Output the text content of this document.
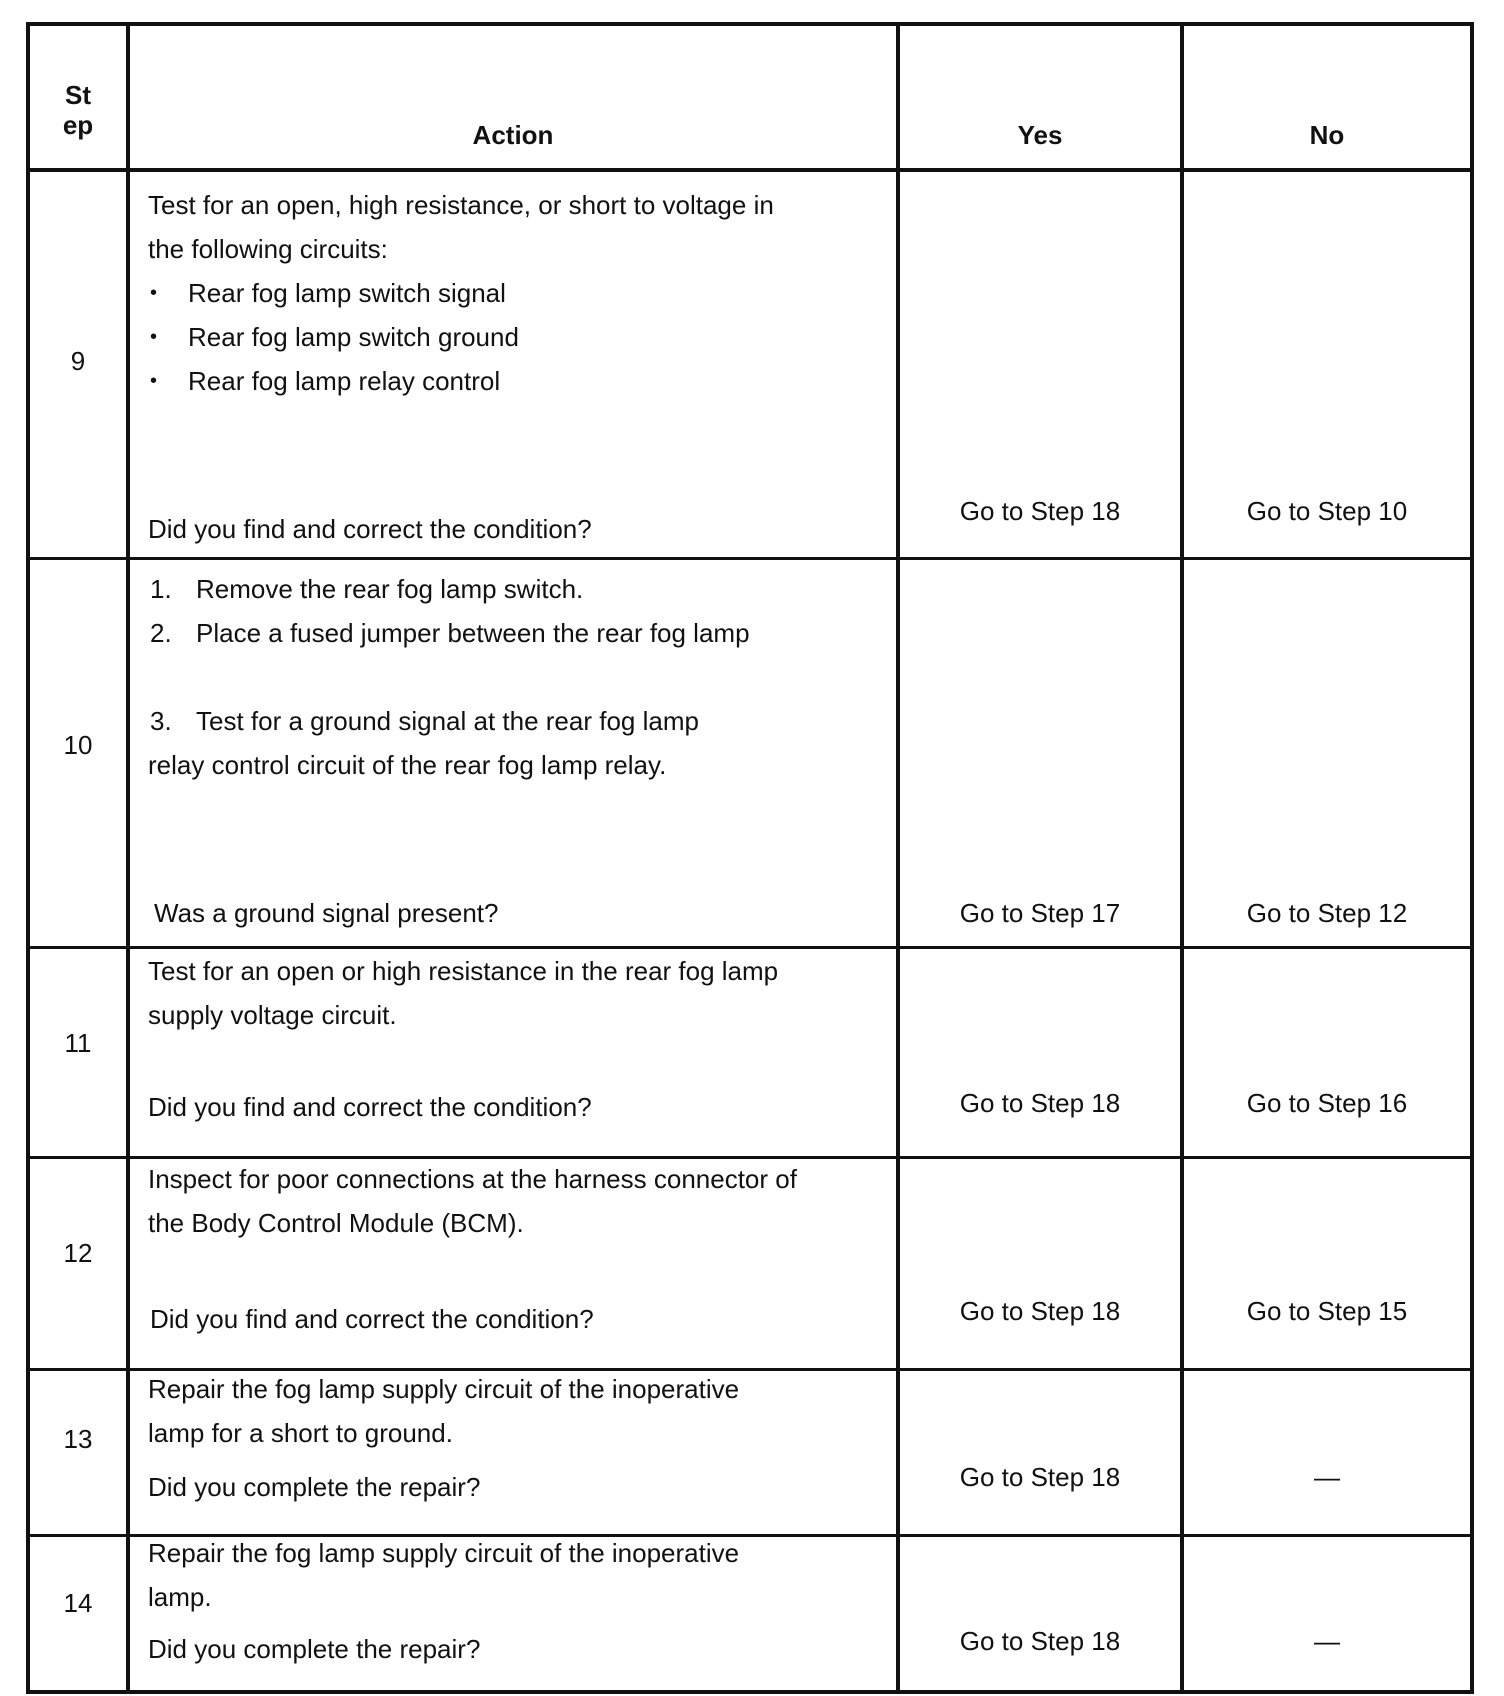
St
ep	Action	Yes	No
9
Test for an open, high resistance, or short to voltage in
the following circuits:
• Rear fog lamp switch signal
• Rear fog lamp switch ground
• Rear fog lamp relay control
Did you find and correct the condition?
Go to Step 18	Go to Step 10
10
1. Remove the rear fog lamp switch.
2. Place a fused jumper between the rear fog lamp
3. Test for a ground signal at the rear fog lamp
relay control circuit of the rear fog lamp relay.
Was a ground signal present?	Go to Step 17	Go to Step 12
11
Test for an open or high resistance in the rear fog lamp
supply voltage circuit.
Did you find and correct the condition?	Go to Step 18	Go to Step 16
12
Inspect for poor connections at the harness connector of
the Body Control Module (BCM).
Did you find and correct the condition?	Go to Step 18	Go to Step 15
13
Repair the fog lamp supply circuit of the inoperative
lamp for a short to ground.
Did you complete the repair?	Go to Step 18	—
14
Repair the fog lamp supply circuit of the inoperative
lamp.
Did you complete the repair?	Go to Step 18	—
